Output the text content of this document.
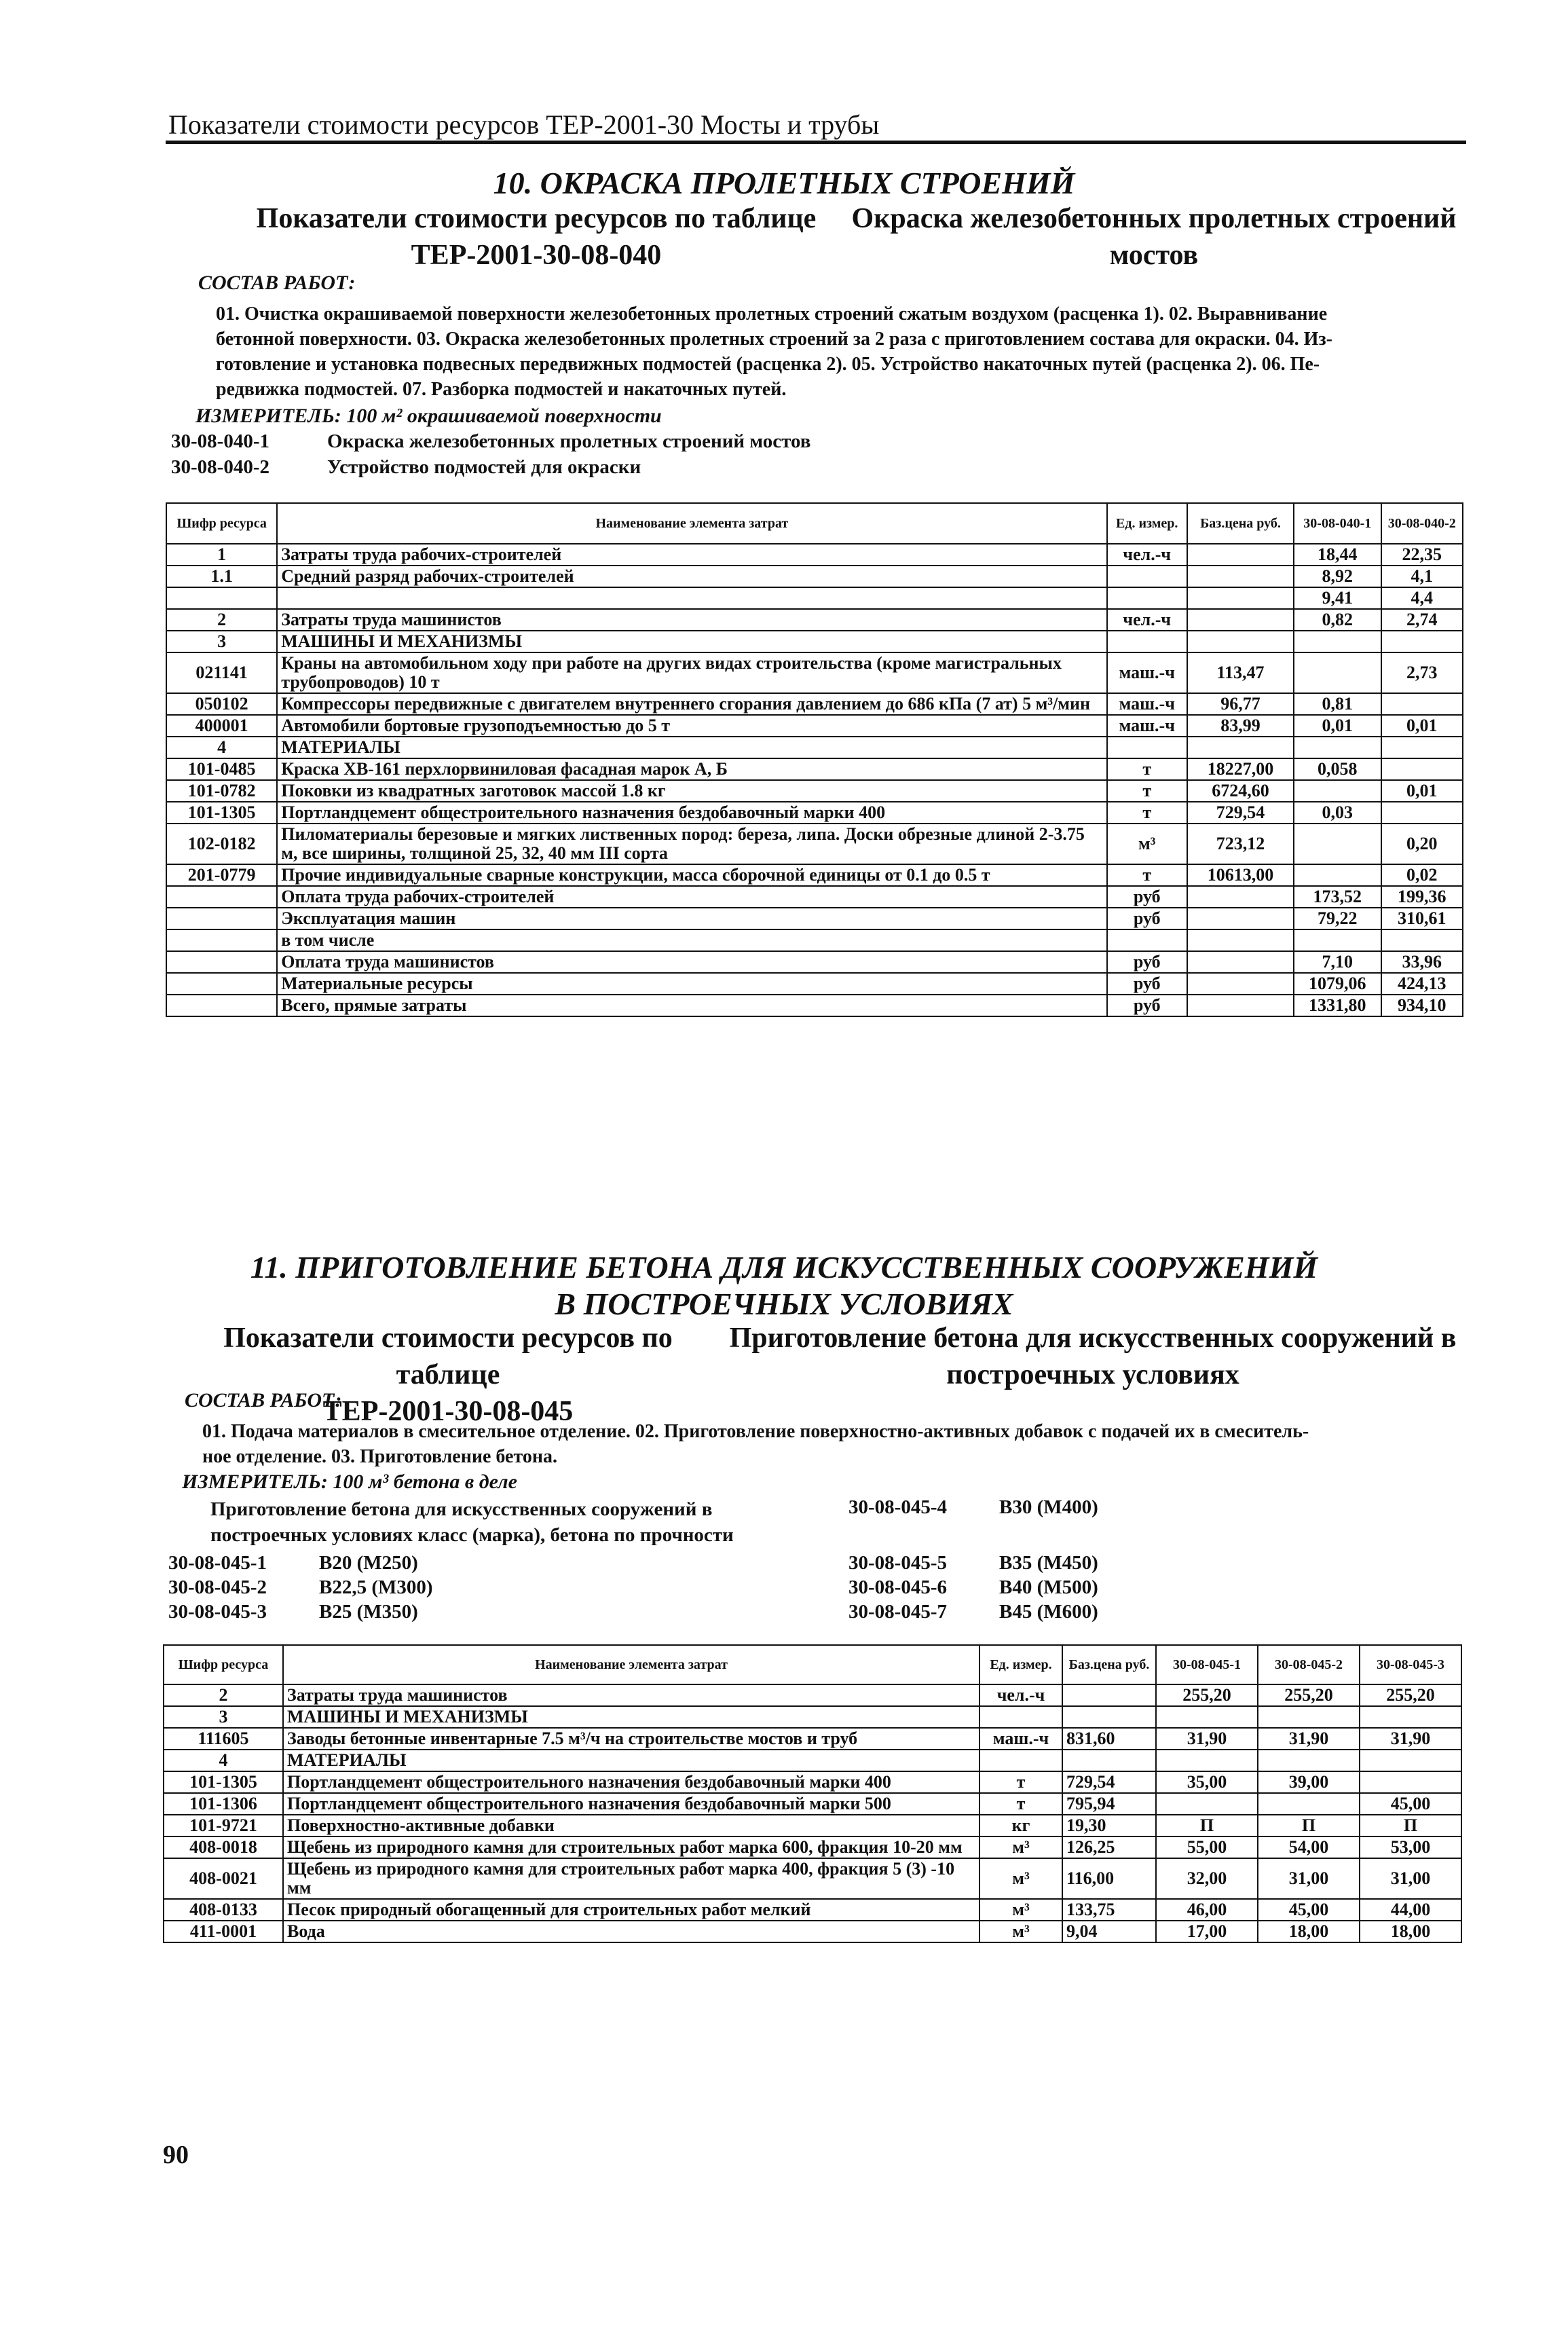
Показатели стоимости ресурсов ТЕР-2001-30 Мосты и трубы
10. ОКРАСКА ПРОЛЕТНЫХ СТРОЕНИЙ
Показатели стоимости ресурсов по таблице
ТЕР-2001-30-08-040
Окраска железобетонных пролетных строений
мостов
СОСТАВ РАБОТ:
01. Очистка окрашиваемой поверхности железобетонных пролетных строений сжатым воздухом (расценка 1). 02. Выравнивание
бетонной поверхности. 03. Окраска железобетонных пролетных строений за 2 раза с приготовлением состава для окраски. 04. Из-
готовление и установка подвесных передвижных подмостей (расценка 2). 05. Устройство накаточных путей (расценка 2). 06. Пе-
редвижка подмостей. 07. Разборка подмостей и накаточных путей.
ИЗМЕРИТЕЛЬ: 100 м² окрашиваемой поверхности
30-08-040-1	Окраска железобетонных пролетных строений мостов
30-08-040-2	Устройство подмостей для окраски
Шифр ресурса	Наименование элемента затрат	Ед. измер.	Баз.цена руб.	30-08-040-1	30-08-040-2
1	Затраты труда рабочих-строителей	чел.-ч		18,44	22,35
1.1	Средний разряд рабочих-строителей			8,92	4,1
				9,41	4,4
2	Затраты труда машинистов	чел.-ч		0,82	2,74
3	МАШИНЫ И МЕХАНИЗМЫ				
021141	Краны на автомобильном ходу при работе на других видах строительства (кроме магистральных трубопроводов) 10 т	маш.-ч	113,47		2,73
050102	Компрессоры передвижные с двигателем внутреннего сгорания давлением до 686 кПа (7 ат) 5 м³/мин	маш.-ч	96,77	0,81	
400001	Автомобили бортовые грузоподъемностью до 5 т	маш.-ч	83,99	0,01	0,01
4	МАТЕРИАЛЫ				
101-0485	Краска ХВ-161 перхлорвиниловая фасадная марок А, Б	т	18227,00	0,058	
101-0782	Поковки из квадратных заготовок массой 1.8 кг	т	6724,60		0,01
101-1305	Портландцемент общестроительного назначения бездобавочный марки 400	т	729,54	0,03	
102-0182	Пиломатериалы березовые и мягких лиственных пород: береза, липа. Доски обрезные длиной 2-3.75 м, все ширины, толщиной 25, 32, 40 мм III сорта	м³	723,12		0,20
201-0779	Прочие индивидуальные сварные конструкции, масса сборочной единицы от 0.1 до 0.5 т	т	10613,00		0,02
	Оплата труда рабочих-строителей	руб		173,52	199,36
	Эксплуатация машин	руб		79,22	310,61
	в том числе				
	Оплата труда машинистов	руб		7,10	33,96
	Материальные ресурсы	руб		1079,06	424,13
	Всего, прямые затраты	руб		1331,80	934,10
11. ПРИГОТОВЛЕНИЕ БЕТОНА ДЛЯ ИСКУССТВЕННЫХ СООРУЖЕНИЙ
В ПОСТРОЕЧНЫХ УСЛОВИЯХ
Показатели стоимости ресурсов по таблице
ТЕР-2001-30-08-045
Приготовление бетона для искусственных сооружений в
построечных условиях
СОСТАВ РАБОТ:
01. Подача материалов в смесительное отделение. 02. Приготовление поверхностно-активных добавок с подачей их в смеситель-
ное отделение. 03. Приготовление бетона.
ИЗМЕРИТЕЛЬ: 100 м³ бетона в деле
Приготовление бетона для искусственных сооружений в
построечных условиях класс (марка), бетона по прочности
30-08-045-1	В20 (М250)
30-08-045-2	В22,5 (М300)
30-08-045-3	В25 (М350)
30-08-045-4	В30 (М400)
30-08-045-5	В35 (М450)
30-08-045-6	В40 (М500)
30-08-045-7	В45 (М600)
Шифр ресурса	Наименование элемента затрат	Ед. измер.	Баз.цена руб.	30-08-045-1	30-08-045-2	30-08-045-3
2	Затраты труда машинистов	чел.-ч		255,20	255,20	255,20
3	МАШИНЫ И МЕХАНИЗМЫ					
111605	Заводы бетонные инвентарные 7.5 м³/ч на строительстве мостов и труб	маш.-ч	831,60	31,90	31,90	31,90
4	МАТЕРИАЛЫ					
101-1305	Портландцемент общестроительного назначения бездобавочный марки 400	т	729,54	35,00	39,00	
101-1306	Портландцемент общестроительного назначения бездобавочный марки 500	т	795,94			45,00
101-9721	Поверхностно-активные добавки	кг	19,30	П	П	П
408-0018	Щебень из природного камня для строительных работ марка 600, фракция 10-20 мм	м³	126,25	55,00	54,00	53,00
408-0021	Щебень из природного камня для строительных работ марка 400, фракция 5 (3) -10 мм	м³	116,00	32,00	31,00	31,00
408-0133	Песок природный обогащенный для строительных работ мелкий	м³	133,75	46,00	45,00	44,00
411-0001	Вода	м³	9,04	17,00	18,00	18,00
90
